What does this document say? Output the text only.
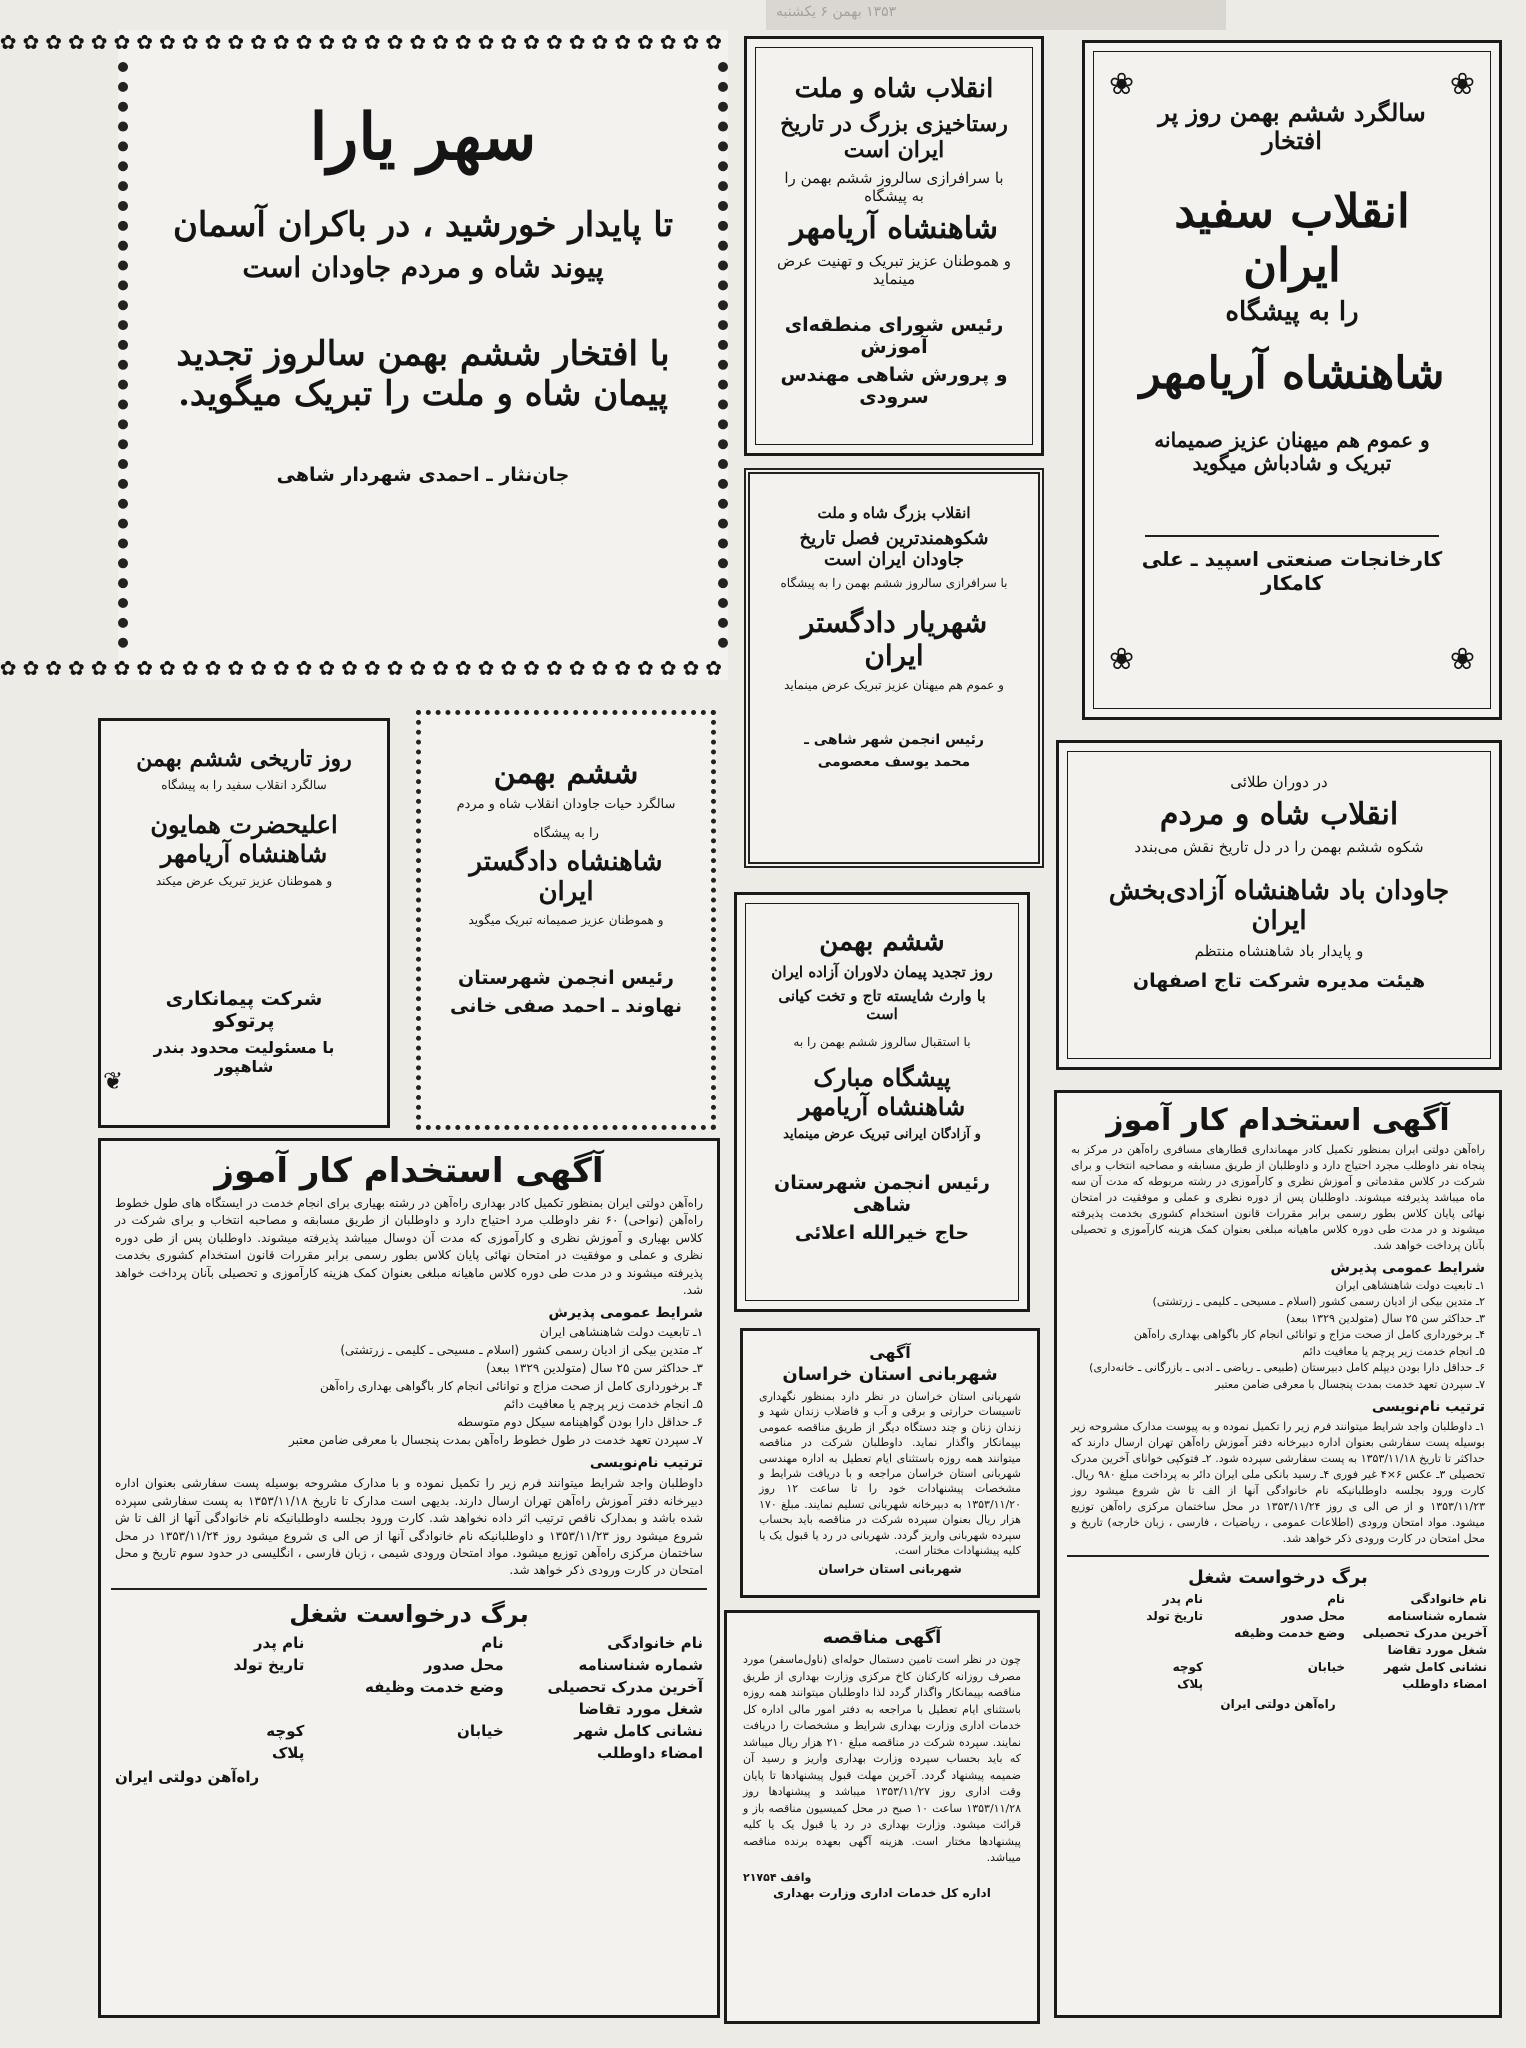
✿✿✿✿✿✿✿✿✿✿✿✿✿✿✿✿✿✿✿✿✿✿✿✿✿✿✿✿✿✿✿✿
✿✿✿✿✿✿✿✿✿✿✿✿✿✿✿✿✿✿✿✿✿✿✿✿✿✿✿✿✿✿✿✿
سهر یارا
تا پایدار خورشید ، در باکران آسمان
پیوند شاه و مردم جاودان است
با افتخار ششم بهمن سالروز تجدید پیمان شاه و ملت را تبریک میگوید.
جان‌نثار ـ احمدی شهردار شاهی
انقلاب شاه و ملت
رستاخیزی بزرگ در تاریخ ایران است
با سرافرازی سالروز ششم بهمن را به پیشگاه
شاهنشاه آریامهر
و هموطنان عزیز تبریک و تهنیت عرض مینماید
رئیس شورای منطقه‌ای آموزش
و پرورش شاهی مهندس سرودی
❀	❀
❀	❀
سالگرد ششم بهمن روز پر افتخار
انقلاب سفید ایران
را به پیشگاه
شاهنشاه آریامهر
و عموم هم میهنان عزیز صمیمانه تبریک و شادباش میگوید
کارخانجات صنعتی اسپید ـ علی کامکار
انقلاب بزرگ شاه و ملت
شکوهمندترین فصل تاریخ جاودان ایران است
با سرافرازی سالروز ششم بهمن را به پیشگاه
شهریار دادگستر ایران
و عموم هم میهنان عزیز تبریک عرض مینماید
رئیس انجمن شهر شاهی ـ
محمد یوسف معصومی
در دوران طلائی
انقلاب شاه و مردم
شکوه ششم بهمن را در دل تاریخ نقش می‌بندد
جاودان باد شاهنشاه آزادی‌بخش ایران
و پایدار باد شاهنشاه منتظم
هیئت مدیره شرکت تاج اصفهان
روز تاریخی ششم بهمن
سالگرد انقلاب سفید را به پیشگاه
اعلیحضرت همایون شاهنشاه آریامهر
و هموطنان عزیز تبریک عرض میکند
شرکت پیمانکاری پرتوکو
با مسئولیت محدود بندر شاهپور
❦
ششم بهمن
سالگرد حیات جاودان انقلاب شاه و مردم
را به پیشگاه
شاهنشاه دادگستر ایران
و هموطنان عزیز صمیمانه تبریک میگوید
رئیس انجمن شهرستان
نهاوند ـ احمد صفی خانی
ششم بهمن
روز تجدید پیمان دلاوران آزاده ایران
با وارث شایسته تاج و تخت کیانی است
با استقبال سالروز ششم بهمن را به
پیشگاه مبارک شاهنشاه آریامهر
و آزادگان ایرانی تبریک عرض مینماید
رئیس انجمن شهرستان شاهی
حاج خیرالله اعلائی
آگهی استخدام کار آموز
راه‌آهن دولتی ایران بمنظور تکمیل کادر بهداری راه‌آهن در رشته بهیاری برای انجام خدمت در ایستگاه های طول خطوط راه‌آهن (نواحی) ۶۰ نفر داوطلب مرد احتیاج دارد و داوطلبان از طریق مسابقه و مصاحبه انتخاب و برای شرکت در کلاس بهیاری و آموزش نظری و کارآموزی که مدت آن دوسال میباشد پذیرفته میشوند. داوطلبان پس از طی دوره نظری و عملی و موفقیت در امتحان نهائی پایان کلاس بطور رسمی برابر مقررات قانون استخدام کشوری بخدمت پذیرفته میشوند و در مدت طی دوره کلاس ماهیانه مبلغی بعنوان کمک هزینه کارآموزی و تحصیلی بآنان پرداخت خواهد شد.
شرایط عمومی پذیرش
۱ـ تابعیت دولت شاهنشاهی ایران
۲ـ متدین بیکی از ادیان رسمی کشور (اسلام ـ مسیحی ـ کلیمی ـ زرتشتی)
۳ـ حداکثر سن ۲۵ سال (متولدین ۱۳۲۹ ببعد)
۴ـ برخورداری کامل از صحت مزاج و توانائی انجام کار باگواهی بهداری راه‌آهن
۵ـ انجام خدمت زیر پرچم یا معافیت دائم
۶ـ حداقل دارا بودن گواهینامه سیکل دوم متوسطه
۷ـ سپردن تعهد خدمت در طول خطوط راه‌آهن بمدت پنجسال با معرفی ضامن معتبر
ترتیب نام‌نویسی
داوطلبان واجد شرایط میتوانند فرم زیر را تکمیل نموده و با مدارک مشروحه بوسیله پست سفارشی بعنوان اداره دبیرخانه دفتر آموزش راه‌آهن تهران ارسال دارند. بدیهی است مدارک تا تاریخ ۱۳۵۳/۱۱/۱۸ به پست سفارشی سپرده شده باشد و بمدارک ناقص ترتیب اثر داده نخواهد شد. کارت ورود بجلسه داوطلبانیکه نام خانوادگی آنها از الف تا ش شروع میشود روز ۱۳۵۳/۱۱/۲۳ و داوطلبانیکه نام خانوادگی آنها از ص الی ی شروع میشود روز ۱۳۵۳/۱۱/۲۴ در محل ساختمان مرکزی راه‌آهن توزیع میشود. مواد امتحان ورودی شیمی ، زبان فارسی ، انگلیسی در حدود سوم تاریخ و محل امتحان در کارت ورودی ذکر خواهد شد.
برگ درخواست شغل
نام خانوادگی
نام
نام پدر
شماره شناسنامه
محل صدور
تاریخ تولد
آخرین مدرک تحصیلی
وضع خدمت وظیفه
شغل مورد تقاضا
نشانی کامل شهر
خیابان
کوچه
امضاء داوطلب
پلاک
راه‌آهن دولتی ایران
آگهی
شهربانی استان خراسان
شهربانی استان خراسان در نظر دارد بمنظور نگهداری تاسیسات حرارتی و برقی و آب و فاضلاب زندان شهد و زندان زنان و چند دستگاه دیگر از طریق مناقصه عمومی بپیمانکار واگذار نماید. داوطلبان شرکت در مناقصه میتوانند همه روزه باستثنای ایام تعطیل به اداره مهندسی شهربانی استان خراسان مراجعه و با دریافت شرایط و مشخصات پیشنهادات خود را تا ساعت ۱۲ روز ۱۳۵۳/۱۱/۲۰ به دبیرخانه شهربانی تسلیم نمایند. مبلغ ۱۷۰ هزار ریال بعنوان سپرده شرکت در مناقصه باید بحساب سپرده شهربانی واریز گردد. شهربانی در رد یا قبول یک یا کلیه پیشنهادات مختار است.
شهربانی استان خراسان
آگهی مناقصه
چون در نظر است تامین دستمال حوله‌ای (ناول‌ماسفر) مورد مصرف روزانه کارکنان کاخ مرکزی وزارت بهداری از طریق مناقصه بپیمانکار واگذار گردد لذا داوطلبان میتوانند همه روزه باستثنای ایام تعطیل با مراجعه به دفتر امور مالی اداره کل خدمات اداری وزارت بهداری شرایط و مشخصات را دریافت نمایند. سپرده شرکت در مناقصه مبلغ ۲۱۰ هزار ریال میباشد که باید بحساب سپرده وزارت بهداری واریز و رسید آن ضمیمه پیشنهاد گردد. آخرین مهلت قبول پیشنهادها تا پایان وقت اداری روز ۱۳۵۳/۱۱/۲۷ میباشد و پیشنهادها روز ۱۳۵۳/۱۱/۲۸ ساعت ۱۰ صبح در محل کمیسیون مناقصه باز و قرائت میشود. وزارت بهداری در رد یا قبول یک یا کلیه پیشنهادها مختار است. هزینه آگهی بعهده برنده مناقصه میباشد.
واقف ۲۱۷۵۴
اداره کل خدمات اداری وزارت بهداری
آگهی استخدام کار آموز
راه‌آهن دولتی ایران بمنظور تکمیل کادر مهمانداری قطارهای مسافری راه‌آهن در مرکز به پنجاه نفر داوطلب مجرد احتیاج دارد و داوطلبان از طریق مسابقه و مصاحبه انتخاب و برای شرکت در کلاس مقدماتی و آموزش نظری و کارآموزی در رشته مربوطه که مدت آن سه ماه میباشد پذیرفته میشوند. داوطلبان پس از دوره نظری و عملی و موفقیت در امتحان نهائی پایان کلاس بطور رسمی برابر مقررات قانون استخدام کشوری بخدمت پذیرفته میشوند و در مدت طی دوره کلاس ماهیانه مبلغی بعنوان کمک هزینه کارآموزی و تحصیلی بآنان پرداخت خواهد شد.
شرایط عمومی پذیرش
۱ـ تابعیت دولت شاهنشاهی ایران
۲ـ متدین بیکی از ادیان رسمی کشور (اسلام ـ مسیحی ـ کلیمی ـ زرتشتی)
۳ـ حداکثر سن ۲۵ سال (متولدین ۱۳۲۹ ببعد)
۴ـ برخورداری کامل از صحت مزاج و توانائی انجام کار باگواهی بهداری راه‌آهن
۵ـ انجام خدمت زیر پرچم یا معافیت دائم
۶ـ حداقل دارا بودن دیپلم کامل دبیرستان (طبیعی ـ ریاضی ـ ادبی ـ بازرگانی ـ خانه‌داری)
۷ـ سپردن تعهد خدمت بمدت پنجسال با معرفی ضامن معتبر
ترتیب نام‌نویسی
۱ـ داوطلبان واجد شرایط میتوانند فرم زیر را تکمیل نموده و به پیوست مدارک مشروحه زیر بوسیله پست سفارشی بعنوان اداره دبیرخانه دفتر آموزش راه‌آهن تهران ارسال دارند که حداکثر تا تاریخ ۱۳۵۳/۱۱/۱۸ به پست سفارشی سپرده شود. ۲ـ فتوکپی خوانای آخرین مدرک تحصیلی ۳ـ عکس ۶×۴ غیر فوری ۴ـ رسید بانکی ملی ایران دائر به پرداخت مبلغ ۹۸۰ ریال. کارت ورود بجلسه داوطلبانیکه نام خانوادگی آنها از الف تا ش شروع میشود روز ۱۳۵۳/۱۱/۲۳ و از ص الی ی روز ۱۳۵۳/۱۱/۲۴ در محل ساختمان مرکزی راه‌آهن توزیع میشود. مواد امتحان ورودی (اطلاعات عمومی ، ریاضیات ، فارسی ، زبان خارجه) تاریخ و محل امتحان در کارت ورودی ذکر خواهد شد.
برگ درخواست شغل
نام خانوادگی
نام
نام پدر
شماره شناسنامه
محل صدور
تاریخ تولد
آخرین مدرک تحصیلی
وضع خدمت وظیفه
شغل مورد تقاضا
نشانی کامل شهر
خیابان
کوچه
امضاء داوطلب
پلاک
راه‌آهن دولتی ایران
۱۳۵۳ بهمن ۶ یکشنبه
